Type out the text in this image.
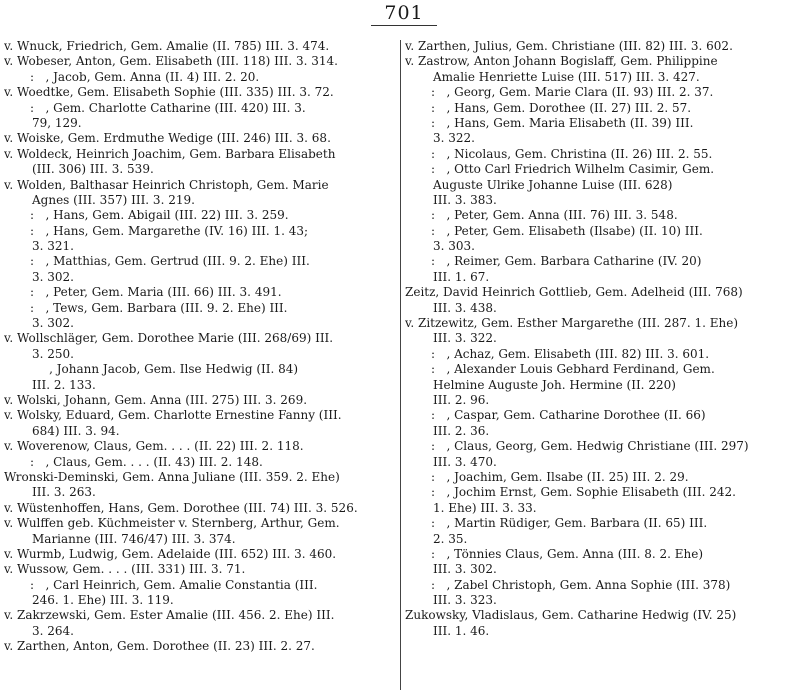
701
v. Wnuck, Friedrich, Gem. Amalie (II. 785) III. 3. 474.
v. Wobeser, Anton, Gem. Elisabeth (III. 118) III. 3. 314.
:   , Jacob, Gem. Anna (II. 4) III. 2. 20.
v. Woedtke, Gem. Elisabeth Sophie (III. 335) III. 3. 72.
:   , Gem. Charlotte Catharine (III. 420) III. 3.
79, 129.
v. Woiske, Gem. Erdmuthe Wedige (III. 246) III. 3. 68.
v. Woldeck, Heinrich Joachim, Gem. Barbara Elisabeth
(III. 306) III. 3. 539.
v. Wolden, Balthasar Heinrich Christoph, Gem. Marie
Agnes (III. 357) III. 3. 219.
:   , Hans, Gem. Abigail (III. 22) III. 3. 259.
:   , Hans, Gem. Margarethe (IV. 16) III. 1. 43;
3. 321.
:   , Matthias, Gem. Gertrud (III. 9. 2. Ehe) III.
3. 302.
:   , Peter, Gem. Maria (III. 66) III. 3. 491.
:   , Tews, Gem. Barbara (III. 9. 2. Ehe) III.
3. 302.
v. Wollschläger, Gem. Dorothee Marie (III. 268/69) III.
3. 250.
, Johann Jacob, Gem. Ilse Hedwig (II. 84)
III. 2. 133.
v. Wolski, Johann, Gem. Anna (III. 275) III. 3. 269.
v. Wolsky, Eduard, Gem. Charlotte Ernestine Fanny (III.
684) III. 3. 94.
v. Woverenow, Claus, Gem. . . . (II. 22) III. 2. 118.
:   , Claus, Gem. . . . (II. 43) III. 2. 148.
Wronski-Deminski, Gem. Anna Juliane (III. 359. 2. Ehe)
III. 3. 263.
v. Wüstenhoffen, Hans, Gem. Dorothee (III. 74) III. 3. 526.
v. Wulffen geb. Küchmeister v. Sternberg, Arthur, Gem.
Marianne (III. 746/47) III. 3. 374.
v. Wurmb, Ludwig, Gem. Adelaide (III. 652) III. 3. 460.
v. Wussow, Gem. . . . (III. 331) III. 3. 71.
:   , Carl Heinrich, Gem. Amalie Constantia (III.
246. 1. Ehe) III. 3. 119.
v. Zakrzewski, Gem. Ester Amalie (III. 456. 2. Ehe) III.
3. 264.
v. Zarthen, Anton, Gem. Dorothee (II. 23) III. 2. 27.
v. Zarthen, Julius, Gem. Christiane (III. 82) III. 3. 602.
v. Zastrow, Anton Johann Bogislaff, Gem. Philippine
Amalie Henriette Luise (III. 517) III. 3. 427.
:   , Georg, Gem. Marie Clara (II. 93) III. 2. 37.
:   , Hans, Gem. Dorothee (II. 27) III. 2. 57.
:   , Hans, Gem. Maria Elisabeth (II. 39) III.
3. 322.
:   , Nicolaus, Gem. Christina (II. 26) III. 2. 55.
:   , Otto Carl Friedrich Wilhelm Casimir, Gem.
Auguste Ulrike Johanne Luise (III. 628)
III. 3. 383.
:   , Peter, Gem. Anna (III. 76) III. 3. 548.
:   , Peter, Gem. Elisabeth (Ilsabe) (II. 10) III.
3. 303.
:   , Reimer, Gem. Barbara Catharine (IV. 20)
III. 1. 67.
Zeitz, David Heinrich Gottlieb, Gem. Adelheid (III. 768)
III. 3. 438.
v. Zitzewitz, Gem. Esther Margarethe (III. 287. 1. Ehe)
III. 3. 322.
:   , Achaz, Gem. Elisabeth (III. 82) III. 3. 601.
:   , Alexander Louis Gebhard Ferdinand, Gem.
Helmine Auguste Joh. Hermine (II. 220)
III. 2. 96.
:   , Caspar, Gem. Catharine Dorothee (II. 66)
III. 2. 36.
:   , Claus, Georg, Gem. Hedwig Christiane (III. 297)
III. 3. 470.
:   , Joachim, Gem. Ilsabe (II. 25) III. 2. 29.
:   , Jochim Ernst, Gem. Sophie Elisabeth (III. 242.
1. Ehe) III. 3. 33.
:   , Martin Rüdiger, Gem. Barbara (II. 65) III.
2. 35.
:   , Tönnies Claus, Gem. Anna (III. 8. 2. Ehe)
III. 3. 302.
:   , Zabel Christoph, Gem. Anna Sophie (III. 378)
III. 3. 323.
Zukowsky, Vladislaus, Gem. Catharine Hedwig (IV. 25)
III. 1. 46.
